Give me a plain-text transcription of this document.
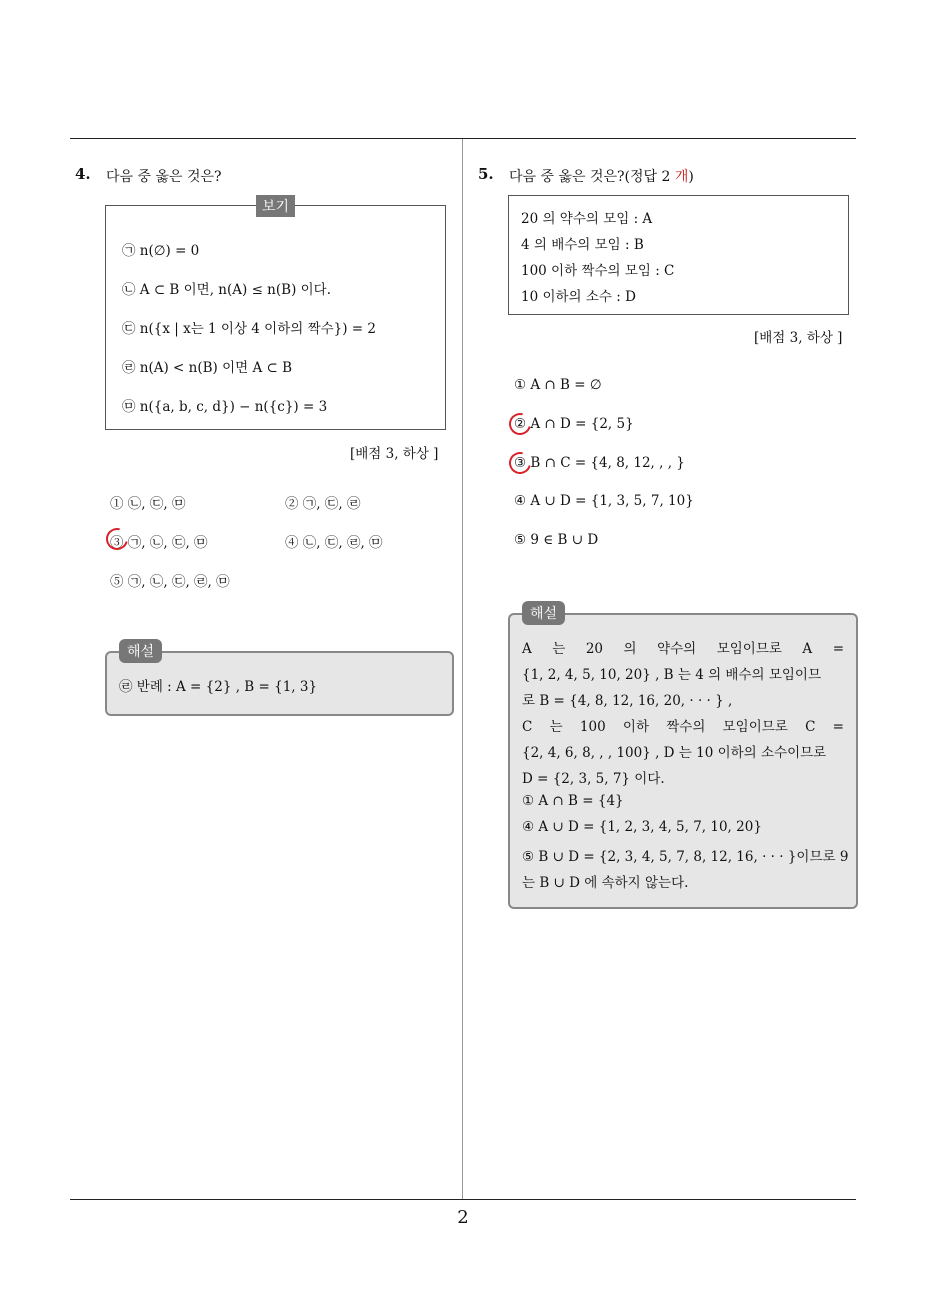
2
4. 다음 중 옳은 것은?
보기
㉠ n(∅) = 0
㉡ A ⊂ B 이면, n(A) ≤ n(B) 이다.
㉢ n({x | x는 1 이상 4 이하의 짝수}) = 2
㉣ n(A) < n(B) 이면 A ⊂ B
㉤ n({a, b, c, d}) − n({c}) = 3
[배점 3, 하상 ]
① ㉡, ㉢, ㉤	② ㉠, ㉢, ㉣
③ ㉠, ㉡, ㉢, ㉤	④ ㉡, ㉢, ㉣, ㉤
⑤ ㉠, ㉡, ㉢, ㉣, ㉤
해설
㉣ 반례 : A = {2} , B = {1, 3}
5. 다음 중 옳은 것은?(정답 2 개)
20 의 약수의 모임 : A
4 의 배수의 모임 : B
100 이하 짝수의 모임 : C
10 이하의 소수 : D
[배점 3, 하상 ]
① A ∩ B = ∅
② A ∩ D = {2, 5}
③ B ∩ C = {4, 8, 12, , , }
④ A ∪ D = {1, 3, 5, 7, 10}
⑤ 9 ∈ B ∪ D
해설
A 는 20 의 약수의 모임이므로 A =
{1, 2, 4, 5, 10, 20} , B 는 4 의 배수의 모임이므
로 B = {4, 8, 12, 16, 20, · · · } ,
C 는 100 이하 짝수의 모임이므로 C =
{2, 4, 6, 8, , , 100} , D 는 10 이하의 소수이므로
D = {2, 3, 5, 7} 이다.
① A ∩ B = {4}
④ A ∪ D = {1, 2, 3, 4, 5, 7, 10, 20}
⑤ B ∪ D = {2, 3, 4, 5, 7, 8, 12, 16, · · · }이므로 9
는 B ∪ D 에 속하지 않는다.
